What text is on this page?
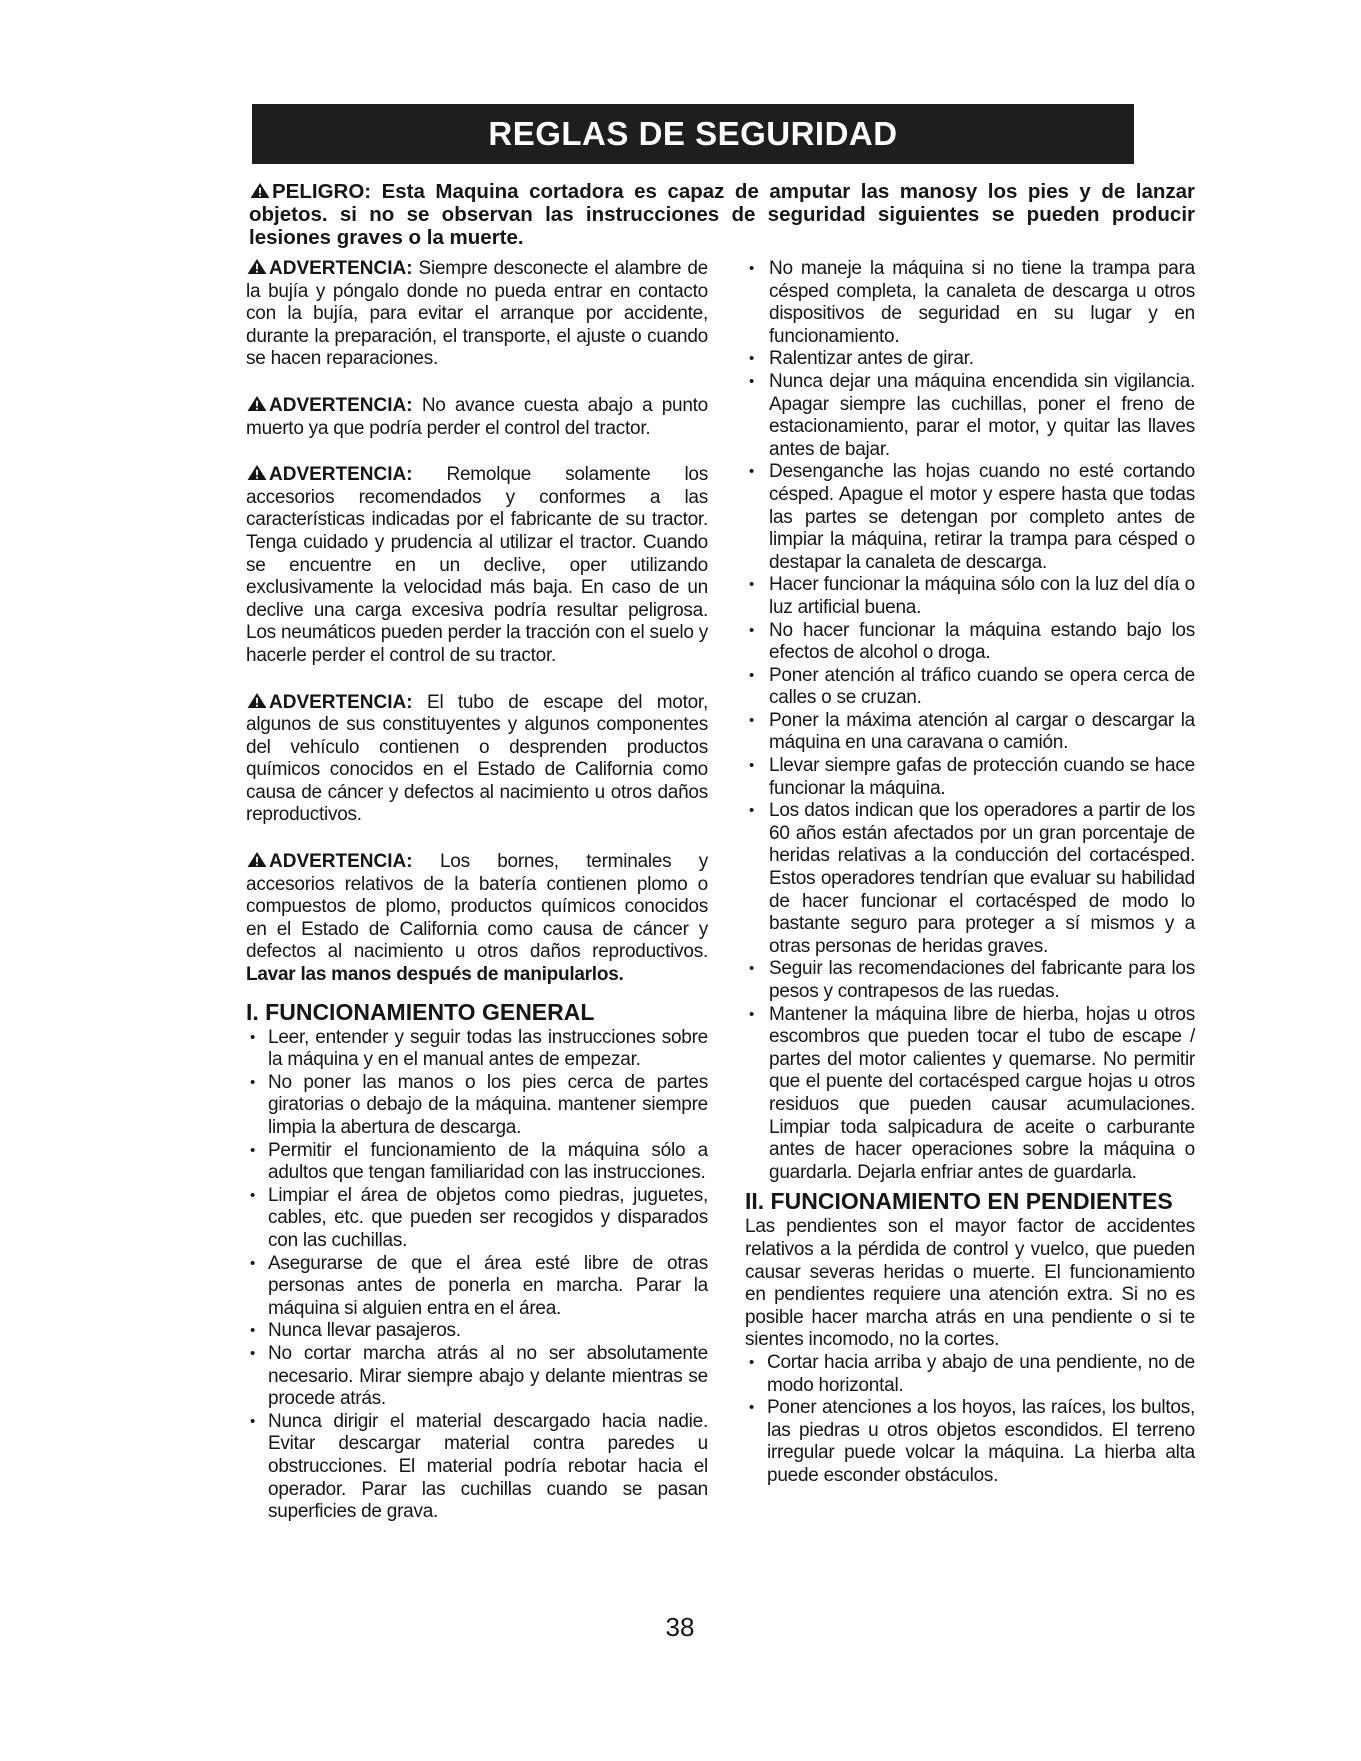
REGLAS DE SEGURIDAD

PELIGRO: Esta Maquina cortadora es capaz de amputar las manosy los pies y de lanzar objetos. si no se observan las instrucciones de seguridad siguientes se pueden producir lesiones graves o la muerte.

ADVERTENCIA: Siempre desconecte el alambre de la bujía y póngalo donde no pueda entrar en contacto con la bujía, para evitar el arranque por accidente, durante la preparación, el transporte, el ajuste o cuando se hacen reparaciones.

ADVERTENCIA: No avance cuesta abajo a punto muerto ya que podría perder el control del tractor.

ADVERTENCIA: Remolque solamente los accesorios recomendados y conformes a las características indicadas por el fabricante de su tractor. Tenga cuidado y prudencia al utilizar el tractor. Cuando se encuentre en un declive, oper utilizando exclusivamente la velocidad más baja. En caso de un declive una carga excesiva podría resultar peligrosa. Los neumáticos pueden perder la tracción con el suelo y hacerle perder el control de su tractor.

ADVERTENCIA: El tubo de escape del motor, algunos de sus constituyentes y algunos componentes del vehículo contienen o desprenden productos químicos conocidos en el Estado de California como causa de cáncer y defectos al nacimiento u otros daños reproductivos.

ADVERTENCIA: Los bornes, terminales y accesorios relativos de la batería contienen plomo o compuestos de plomo, productos químicos conocidos en el Estado de California como causa de cáncer y defectos al nacimiento u otros daños reproductivos. Lavar las manos después de manipularlos.

I. FUNCIONAMIENTO GENERAL
• Leer, entender y seguir todas las instrucciones sobre la máquina y en el manual antes de empezar.
• No poner las manos o los pies cerca de partes giratorias o debajo de la máquina. mantener siempre limpia la abertura de descarga.
• Permitir el funcionamiento de la máquina sólo a adultos que tengan familiaridad con las instrucciones.
• Limpiar el área de objetos como piedras, juguetes, cables, etc. que pueden ser recogidos y disparados con las cuchillas.
• Asegurarse de que el área esté libre de otras personas antes de ponerla en marcha. Parar la máquina si alguien entra en el área.
• Nunca llevar pasajeros.
• No cortar marcha atrás al no ser absolutamente necesario. Mirar siempre abajo y delante mientras se procede atrás.
• Nunca dirigir el material descargado hacia nadie. Evitar descargar material contra paredes u obstrucciones. El material podría rebotar hacia el operador. Parar las cuchillas cuando se pasan superficies de grava.
• No maneje la máquina si no tiene la trampa para césped completa, la canaleta de descarga u otros dispositivos de seguridad en su lugar y en funcionamiento.
• Ralentizar antes de girar.
• Nunca dejar una máquina encendida sin vigilancia. Apagar siempre las cuchillas, poner el freno de estacionamiento, parar el motor, y quitar las llaves antes de bajar.
• Desenganche las hojas cuando no esté cortando césped. Apague el motor y espere hasta que todas las partes se detengan por completo antes de limpiar la máquina, retirar la trampa para césped o destapar la canaleta de descarga.
• Hacer funcionar la máquina sólo con la luz del día o luz artificial buena.
• No hacer funcionar la máquina estando bajo los efectos de alcohol o droga.
• Poner atención al tráfico cuando se opera cerca de calles o se cruzan.
• Poner la máxima atención al cargar o descargar la máquina en una caravana o camión.
• Llevar siempre gafas de protección cuando se hace funcionar la máquina.
• Los datos indican que los operadores a partir de los 60 años están afectados por un gran porcentaje de heridas relativas a la conducción del cortacésped. Estos operadores tendrían que evaluar su habilidad de hacer funcionar el cortacésped de modo lo bastante seguro para proteger a sí mismos y a otras personas de heridas graves.
• Seguir las recomendaciones del fabricante para los pesos y contrapesos de las ruedas.
• Mantener la máquina libre de hierba, hojas u otros escombros que pueden tocar el tubo de escape / partes del motor calientes y quemarse. No permitir que el puente del cortacésped cargue hojas u otros residuos que pueden causar acumulaciones. Limpiar toda salpicadura de aceite o carburante antes de hacer operaciones sobre la máquina o guardarla. Dejarla enfriar antes de guardarla.
II. FUNCIONAMIENTO EN PENDIENTES

Las pendientes son el mayor factor de accidentes relativos a la pérdida de control y vuelco, que pueden causar severas heridas o muerte. El funcionamiento en pendientes requiere una atención extra. Si no es posible hacer marcha atrás en una pendiente o si te sientes incomodo, no la cortes.

• Cortar hacia arriba y abajo de una pendiente, no de modo horizontal.
• Poner atenciones a los hoyos, las raíces, los bultos, las piedras u otros objetos escondidos. El terreno irregular puede volcar la máquina. La hierba alta puede esconder obstáculos.
38
